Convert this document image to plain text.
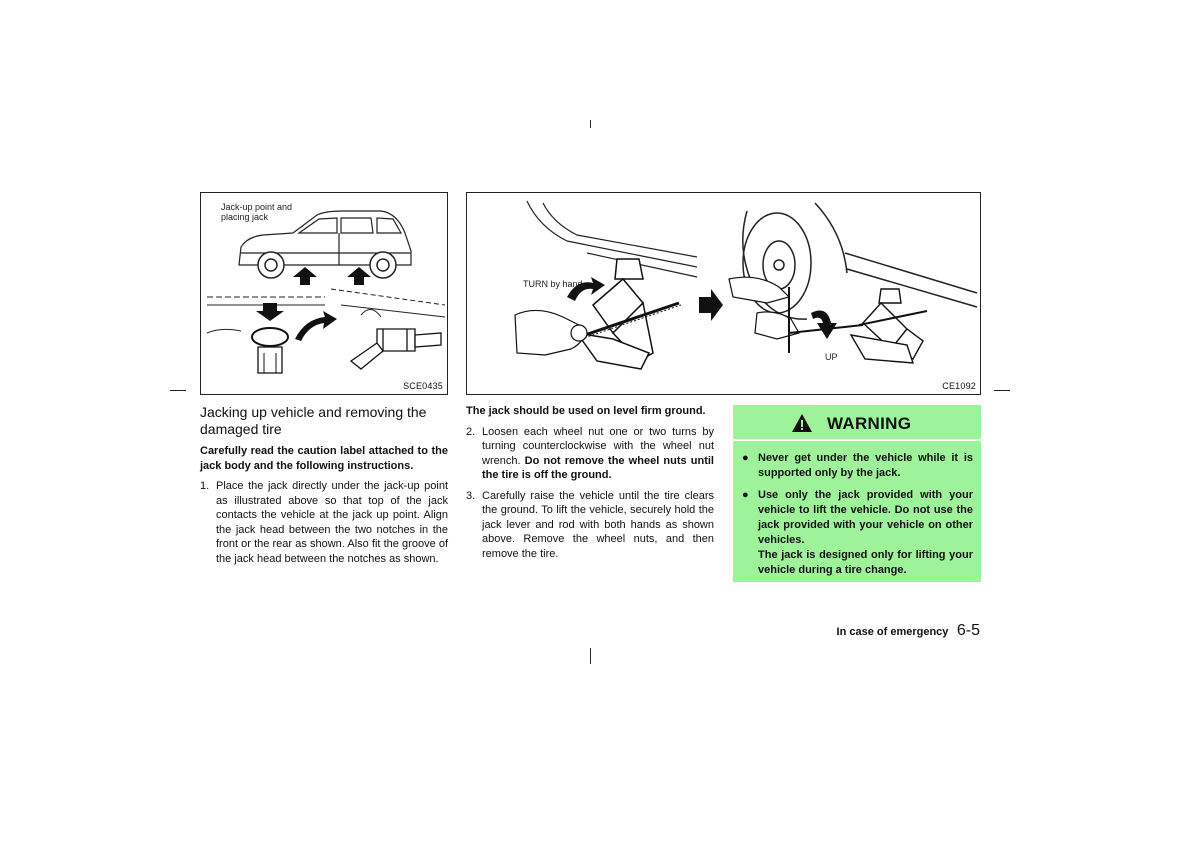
Jack-up point and
placing jack
SCE0435
TURN by hand
UP
CE1092
Jacking up vehicle and removing the damaged tire

Carefully read the caution label attached to the jack body and the following instructions.

1. Place the jack directly under the jack-up point as illustrated above so that top of the jack contacts the vehicle at the jack up point. Align the jack head between the two notches in the front or the rear as shown. Also fit the groove of the jack head between the notches as shown.

The jack should be used on level firm ground.

2. Loosen each wheel nut one or two turns by turning counterclockwise with the wheel nut wrench. Do not remove the wheel nuts until the tire is off the ground.
3. Carefully raise the vehicle until the tire clears the ground. To lift the vehicle, securely hold the jack lever and rod with both hands as shown above. Remove the wheel nuts, and then remove the tire.
WARNING
● Never get under the vehicle while it is supported only by the jack.
● Use only the jack provided with your vehicle to lift the vehicle. Do not use the jack provided with your vehicle on other vehicles.
The jack is designed only for lifting your vehicle during a tire change.
In case of emergency 6-5
